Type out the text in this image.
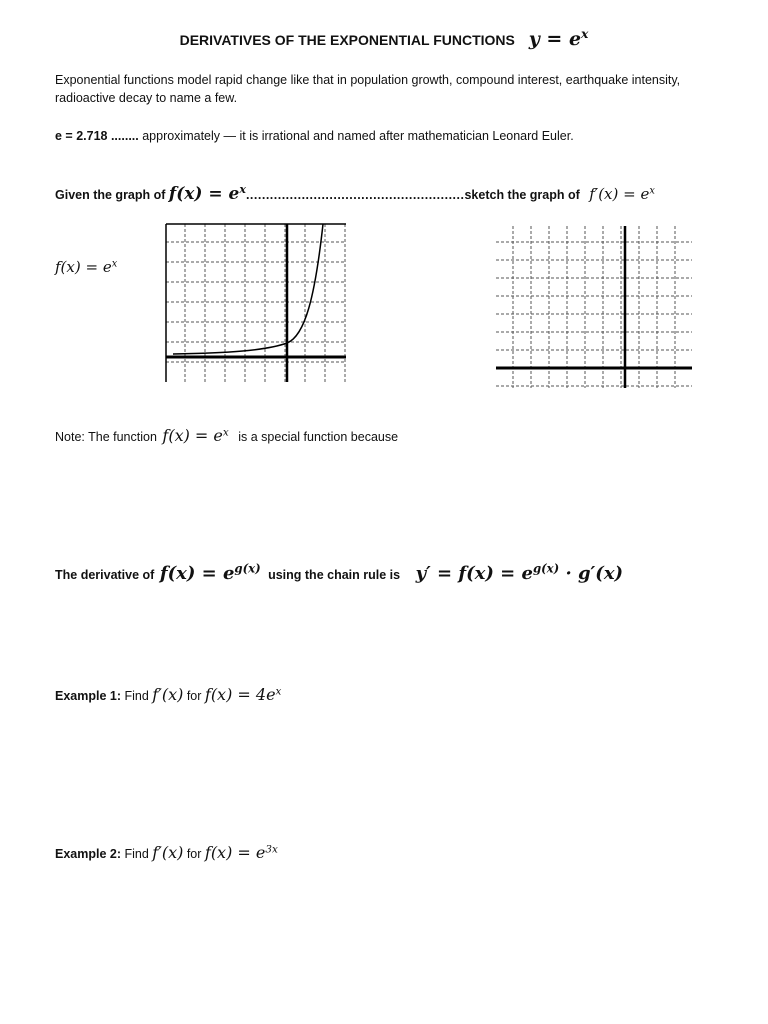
DERIVATIVES OF THE EXPONENTIAL FUNCTIONS $y = e^x$
Exponential functions model rapid change like that in population growth, compound interest, earthquake intensity, radioactive decay to name a few.
e = 2.718 ........ approximately — it is irrational and named after mathematician Leonard Euler.
Given the graph of $f(x) = e^x.......................................................sketch$ the graph of $f'(x) = e^x$
$f(x) = e^x$
Note: The function $f(x) = e^x$ is a special function because
The derivative of $f(x) = e^{g(x)}$ using the chain rule is $y' = f(x) = e^{g(x)} \cdot g'(x)$
Example 1: Find f′(x) for $f(x) = 4e^x$
Example 2: Find f′(x) for $f(x) = e^{3x}$
